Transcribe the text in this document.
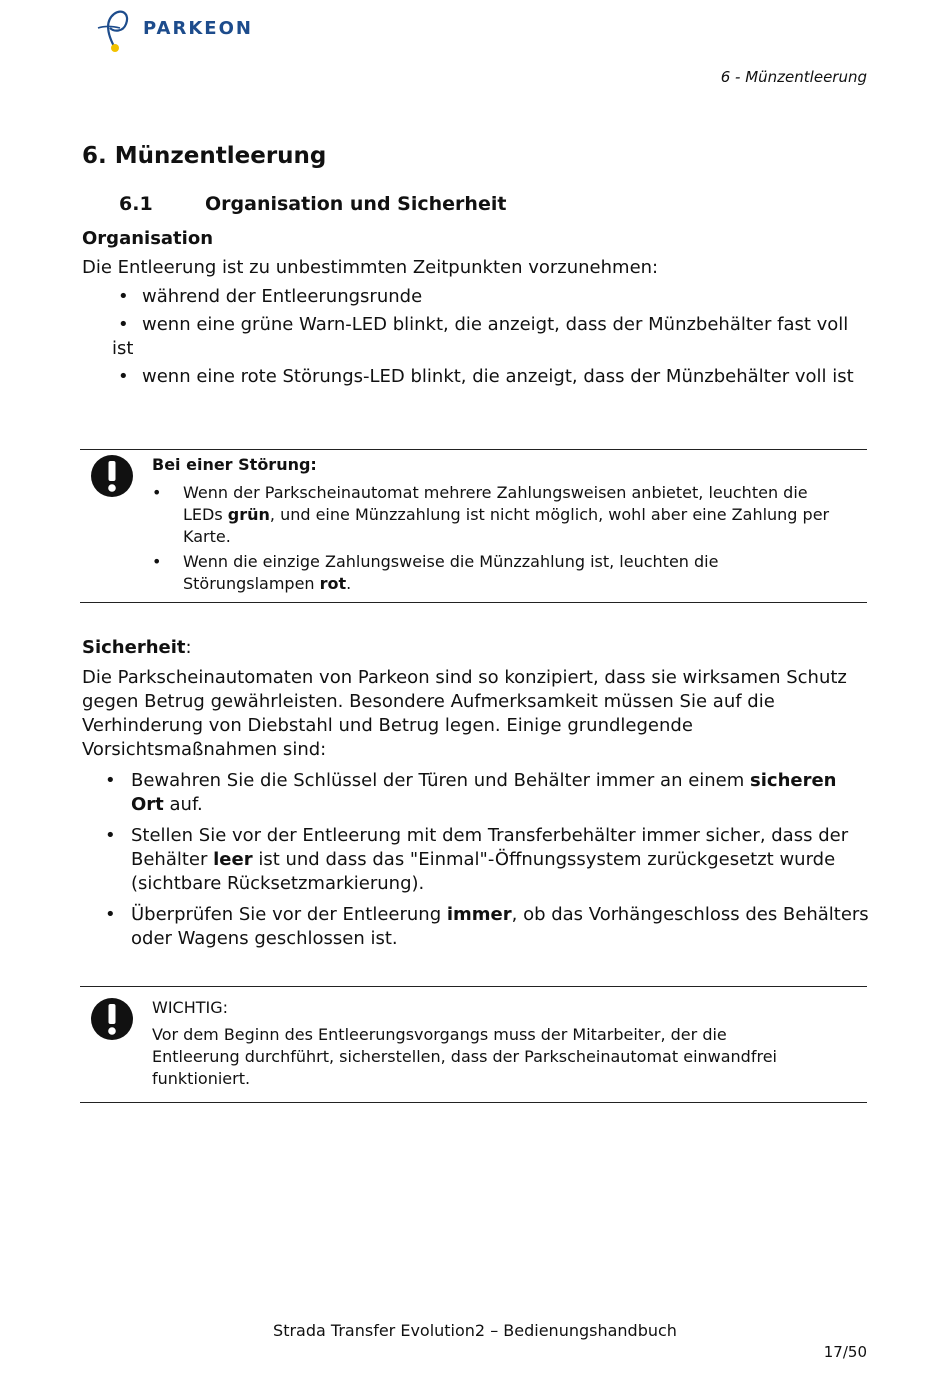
PARKEON
6 - Münzentleerung
6. Münzentleerung
6.1	Organisation und Sicherheit
Organisation
Die Entleerung ist zu unbestimmten Zeitpunkten vorzunehmen:
• während der Entleerungsrunde
• wenn eine grüne Warn-LED blinkt, die anzeigt, dass der Münzbehälter fast voll ist
• wenn eine rote Störungs-LED blinkt, die anzeigt, dass der Münzbehälter voll ist
Bei einer Störung:
• Wenn der Parkscheinautomat mehrere Zahlungsweisen anbietet, leuchten die LEDs grün, und eine Münzzahlung ist nicht möglich, wohl aber eine Zahlung per Karte.
• Wenn die einzige Zahlungsweise die Münzzahlung ist, leuchten die Störungslampen rot.
Sicherheit:
Die Parkscheinautomaten von Parkeon sind so konzipiert, dass sie wirksamen Schutz gegen Betrug gewährleisten. Besondere Aufmerksamkeit müssen Sie auf die Verhinderung von Diebstahl und Betrug legen. Einige grundlegende Vorsichtsmaßnahmen sind:
• Bewahren Sie die Schlüssel der Türen und Behälter immer an einem sicheren Ort auf.
• Stellen Sie vor der Entleerung mit dem Transferbehälter immer sicher, dass der Behälter leer ist und dass das "Einmal"-Öffnungssystem zurückgesetzt wurde (sichtbare Rücksetzmarkierung).
• Überprüfen Sie vor der Entleerung immer, ob das Vorhängeschloss des Behälters oder Wagens geschlossen ist.
WICHTIG:
Vor dem Beginn des Entleerungsvorgangs muss der Mitarbeiter, der die Entleerung durchführt, sicherstellen, dass der Parkscheinautomat einwandfrei funktioniert.
Strada Transfer Evolution2 – Bedienungshandbuch
17/50
